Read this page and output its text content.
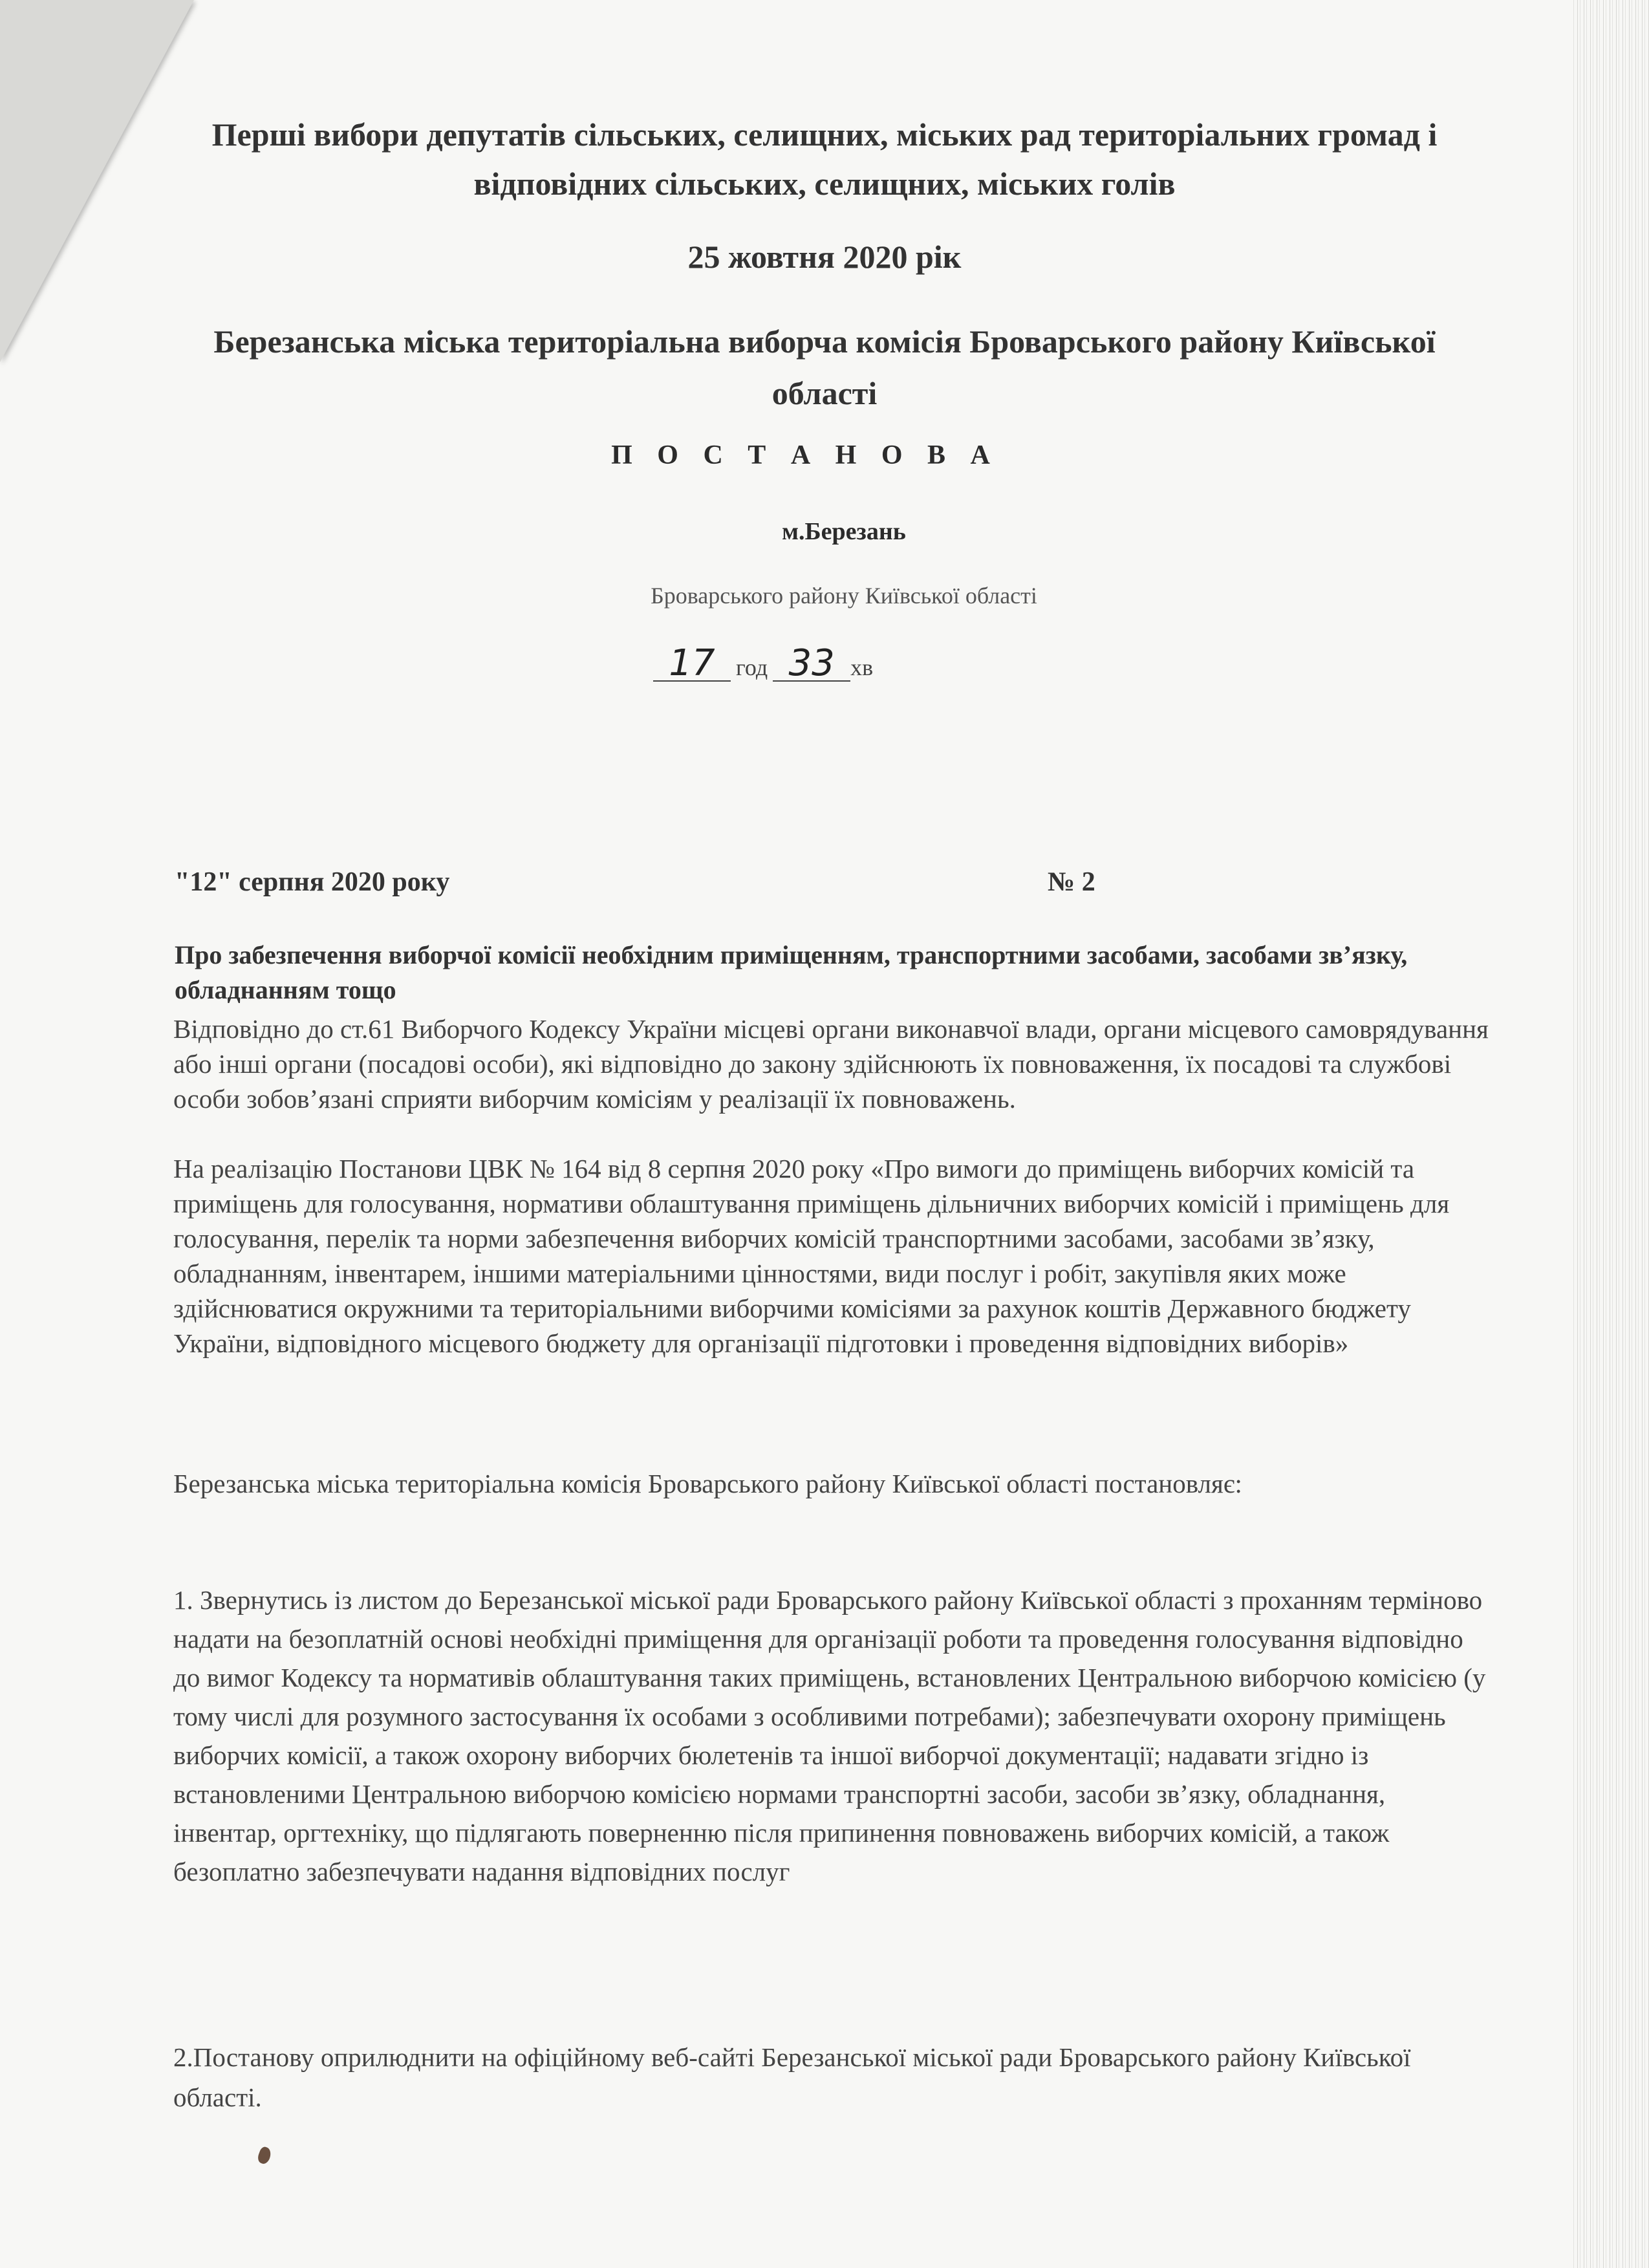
Перші вибори депутатів сільських, селищних, міських рад територіальних громад і відповідних сільських, селищних, міських голів
25 жовтня 2020 рік
Березанська міська територіальна виборча комісія Броварського району Київської області
П О С Т А Н О В А
м.Березань
Броварського району Київської області
17 год 33 хв
"12" серпня 2020 року	№ 2
Про забезпечення виборчої комісії необхідним приміщенням, транспортними засобами, засобами зв’язку, обладнанням тощо
Відповідно до ст.61 Виборчого Кодексу України місцеві органи виконавчої влади, органи місцевого самоврядування або інші органи (посадові особи), які відповідно до закону здійснюють їх повноваження, їх посадові та службові особи зобов’язані сприяти виборчим комісіям у реалізації їх повноважень.
На реалізацію Постанови ЦВК № 164 від 8 серпня 2020 року «Про вимоги до приміщень виборчих комісій та приміщень для голосування, нормативи облаштування приміщень дільничних виборчих комісій і приміщень для голосування, перелік та норми забезпечення виборчих комісій транспортними засобами, засобами зв’язку, обладнанням, інвентарем, іншими матеріальними цінностями, види послуг і робіт, закупівля яких може здійснюватися окружними та територіальними виборчими комісіями за рахунок коштів Державного бюджету України, відповідного місцевого бюджету для організації підготовки і проведення відповідних виборів»
Березанська міська територіальна комісія Броварського району Київської області постановляє:
1. Звернутись із листом до Березанської міської ради Броварського району Київської області з проханням терміново надати на безоплатній основі необхідні приміщення для організації роботи та проведення голосування відповідно до вимог Кодексу та нормативів облаштування таких приміщень, встановлених Центральною виборчою комісією (у тому числі для розумного застосування їх особами з особливими потребами); забезпечувати охорону приміщень виборчих комісії, а також охорону виборчих бюлетенів та іншої виборчої документації; надавати згідно із встановленими Центральною виборчою комісією нормами транспортні засоби, засоби зв’язку, обладнання, інвентар, оргтехніку, що підлягають поверненню після припинення повноважень виборчих комісій, а також безоплатно забезпечувати надання відповідних послуг
2.Постанову оприлюднити на офіційному веб-сайті Березанської міської ради Броварського району Київської області.
